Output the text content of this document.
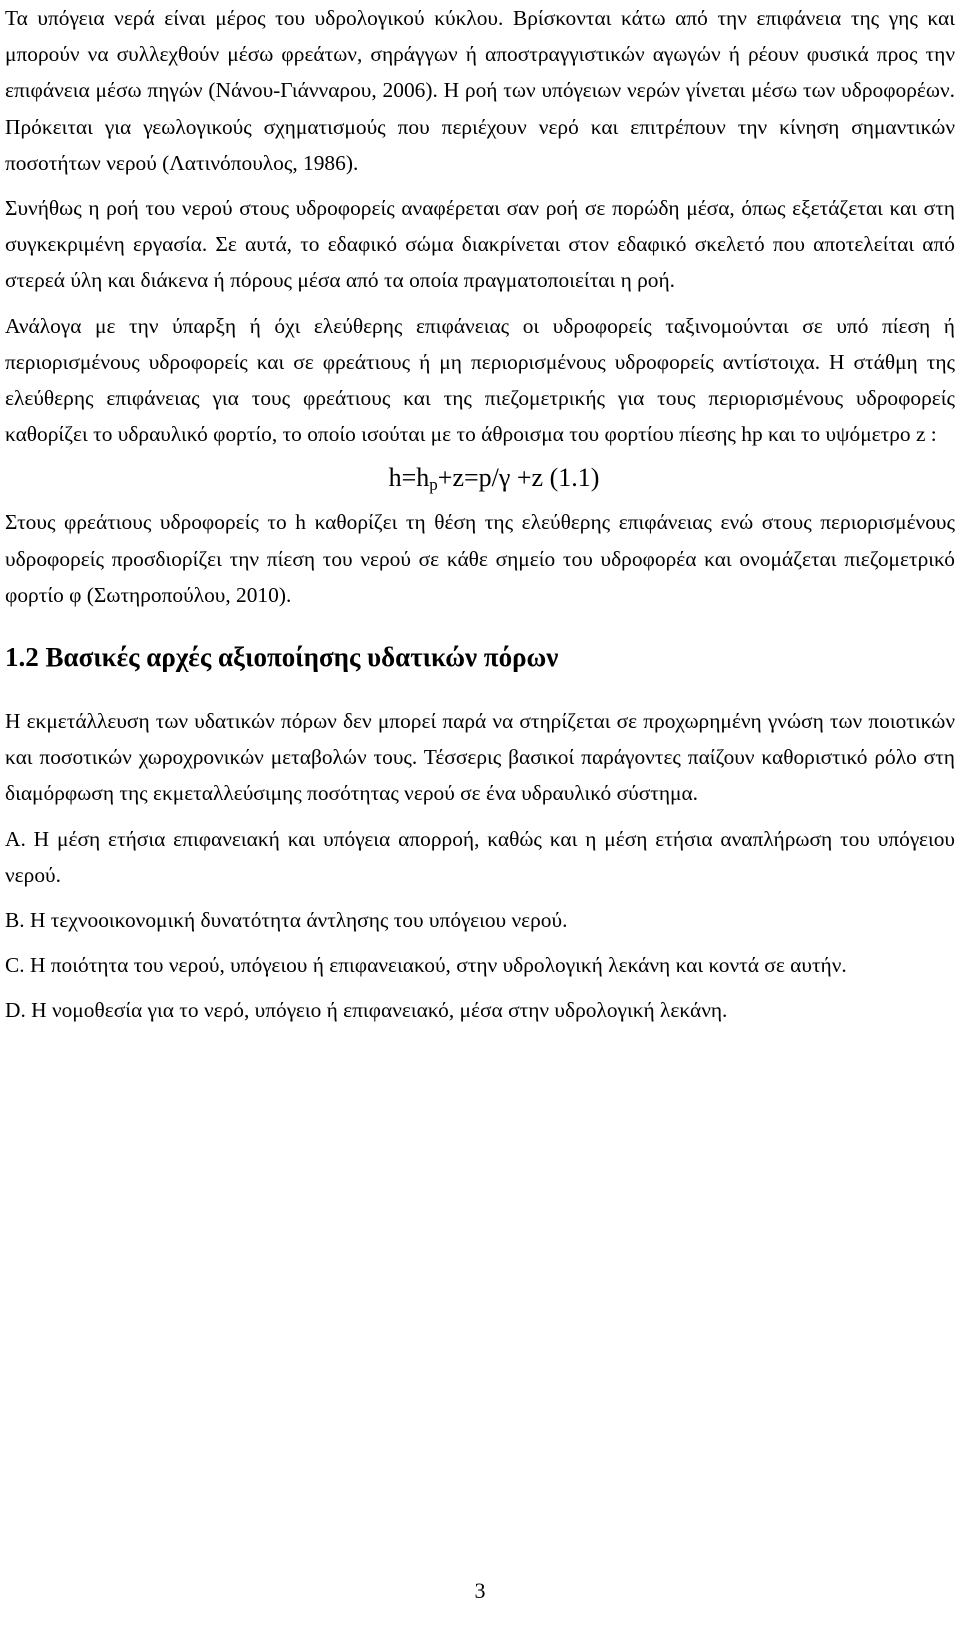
Τα υπόγεια νερά είναι μέρος του υδρολογικού κύκλου. Βρίσκονται κάτω από την επιφάνεια της γης και μπορούν να συλλεχθούν μέσω φρεάτων, σηράγγων ή αποστραγγιστικών αγωγών ή ρέουν φυσικά προς την επιφάνεια μέσω πηγών (Νάνου-Γιάνναρου, 2006). Η ροή των υπόγειων νερών γίνεται μέσω των υδροφορέων. Πρόκειται για γεωλογικούς σχηματισμούς που περιέχουν νερό και επιτρέπουν την κίνηση σημαντικών ποσοτήτων νερού (Λατινόπουλος, 1986).

Συνήθως η ροή του νερού στους υδροφορείς αναφέρεται σαν ροή σε πορώδη μέσα, όπως εξετάζεται και στη συγκεκριμένη εργασία. Σε αυτά, το εδαφικό σώμα διακρίνεται στον εδαφικό σκελετό που αποτελείται από στερεά ύλη και διάκενα ή πόρους μέσα από τα οποία πραγματοποιείται η ροή.

Ανάλογα με την ύπαρξη ή όχι ελεύθερης επιφάνειας οι υδροφορείς ταξινομούνται σε υπό πίεση ή περιορισμένους υδροφορείς και σε φρεάτιους ή μη περιορισμένους υδροφορείς αντίστοιχα. Η στάθμη της ελεύθερης επιφάνειας για τους φρεάτιους και της πιεζομετρικής για τους περιορισμένους υδροφορείς καθορίζει το υδραυλικό φορτίο, το οποίο ισούται με το άθροισμα του φορτίου πίεσης hp και το υψόμετρο z :

$h=h_p+z=p/\gamma +z$ (1.1)

Στους φρεάτιους υδροφορείς το h καθορίζει τη θέση της ελεύθερης επιφάνειας ενώ στους περιορισμένους υδροφορείς προσδιορίζει την πίεση του νερού σε κάθε σημείο του υδροφορέα και ονομάζεται πιεζομετρικό φορτίο φ (Σωτηροπούλου, 2010).

1.2 Βασικές αρχές αξιοποίησης υδατικών πόρων

Η εκμετάλλευση των υδατικών πόρων δεν μπορεί παρά να στηρίζεται σε προχωρημένη γνώση των ποιοτικών και ποσοτικών χωροχρονικών μεταβολών τους. Τέσσερις βασικοί παράγοντες παίζουν καθοριστικό ρόλο στη διαμόρφωση της εκμεταλλεύσιμης ποσότητας νερού σε ένα υδραυλικό σύστημα.

Α. Η μέση ετήσια επιφανειακή και υπόγεια απορροή, καθώς και η μέση ετήσια αναπλήρωση του υπόγειου νερού.

Β. Η τεχνοοικονομική δυνατότητα άντλησης του υπόγειου νερού.

C. Η ποιότητα του νερού, υπόγειου ή επιφανειακού, στην υδρολογική λεκάνη και κοντά σε αυτήν.

D. Η νομοθεσία για το νερό, υπόγειο ή επιφανειακό, μέσα στην υδρολογική λεκάνη.

3
